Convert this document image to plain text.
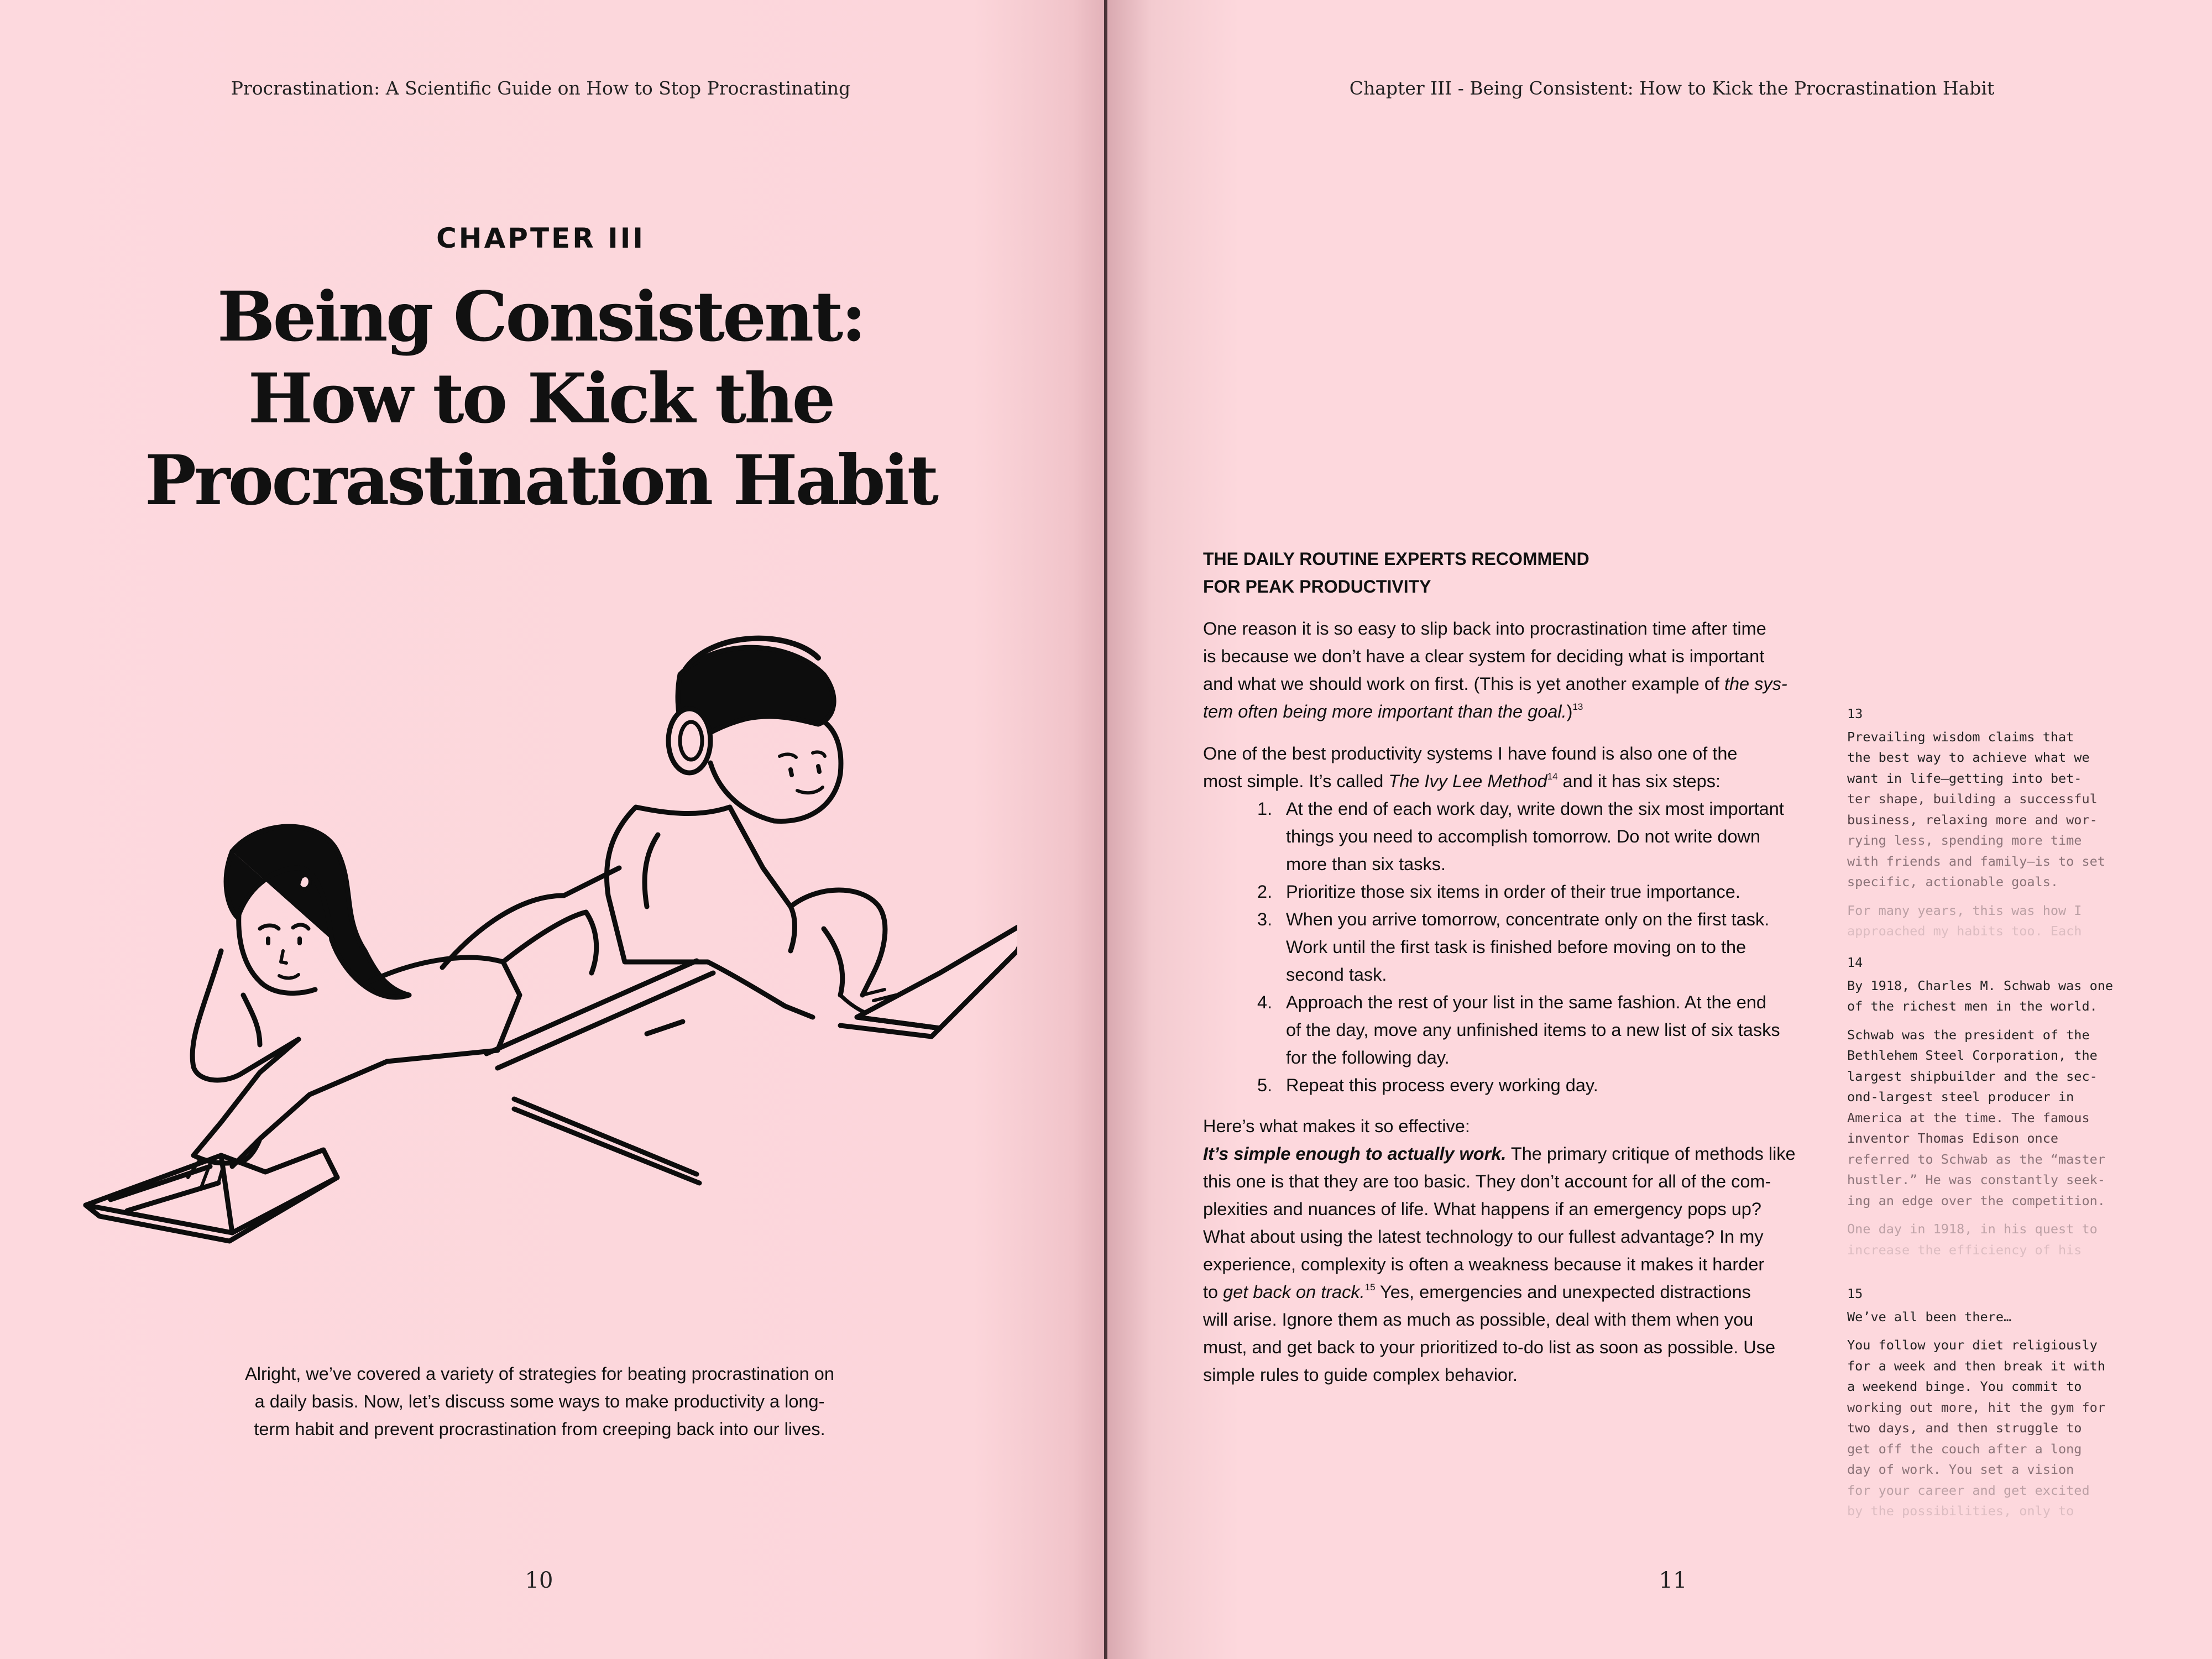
Procrastination: A Scientific Guide on How to Stop Procrastinating
CHAPTER III
Being Consistent:
How to Kick the
Procrastination Habit
Alright, we’ve covered a variety of strategies for beating procrastination on
a daily basis. Now, let’s discuss some ways to make productivity a long-
term habit and prevent procrastination from creeping back into our lives.
10
Chapter III - Being Consistent: How to Kick the Procrastination Habit
11
THE DAILY ROUTINE EXPERTS RECOMMEND
FOR PEAK PRODUCTIVITY
One reason it is so easy to slip back into procrastination time after time
is because we don’t have a clear system for deciding what is important
and what we should work on first. (This is yet another example of the sys-
tem often being more important than the goal.)$^{13}$
One of the best productivity systems I have found is also one of the
most simple. It’s called The Ivy Lee Method$^{14}$ and it has six steps:
1. At the end of each work day, write down the six most important
things you need to accomplish tomorrow. Do not write down
more than six tasks.
2. Prioritize those six items in order of their true importance.
3. When you arrive tomorrow, concentrate only on the first task.
Work until the first task is finished before moving on to the
second task.
4. Approach the rest of your list in the same fashion. At the end
of the day, move any unfinished items to a new list of six tasks
for the following day.
5. Repeat this process every working day.
Here’s what makes it so effective:
It’s simple enough to actually work. The primary critique of methods like
this one is that they are too basic. They don’t account for all of the com-
plexities and nuances of life. What happens if an emergency pops up?
What about using the latest technology to our fullest advantage? In my
experience, complexity is often a weakness because it makes it harder
to get back on track.$^{15}$ Yes, emergencies and unexpected distractions
will arise. Ignore them as much as possible, deal with them when you
must, and get back to your prioritized to-do list as soon as possible. Use
simple rules to guide complex behavior.
13
Prevailing wisdom claims that
the best way to achieve what we
want in life—getting into bet-
ter shape, building a successful
business, relaxing more and wor-
rying less, spending more time
with friends and family—is to set
specific, actionable goals.
For many years, this was how I
approached my habits too. Each
14
By 1918, Charles M. Schwab was one
of the richest men in the world.
Schwab was the president of the
Bethlehem Steel Corporation, the
largest shipbuilder and the sec-
ond-largest steel producer in
America at the time. The famous
inventor Thomas Edison once
referred to Schwab as the “master
hustler.” He was constantly seek-
ing an edge over the competition.
One day in 1918, in his quest to
increase the efficiency of his
15
We’ve all been there…
You follow your diet religiously
for a week and then break it with
a weekend binge. You commit to
working out more, hit the gym for
two days, and then struggle to
get off the couch after a long
day of work. You set a vision
for your career and get excited
by the possibilities, only to
